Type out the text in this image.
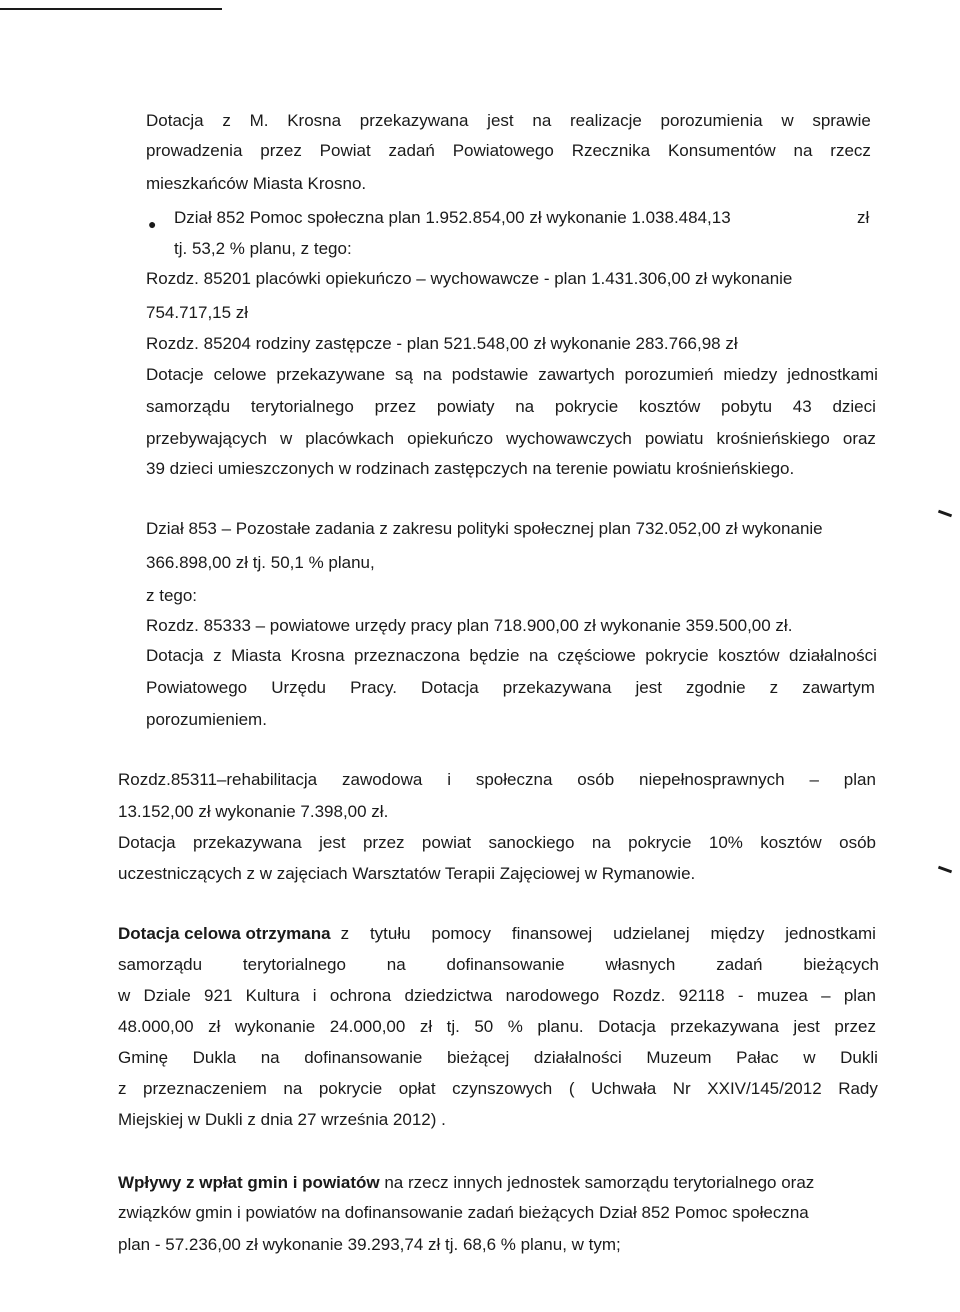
Dotacja z M. Krosna przekazywana jest na realizacje porozumienia w sprawie
prowadzenia przez Powiat zadań Powiatowego Rzecznika Konsumentów na rzecz
mieszkańców Miasta Krosno.
● Dział 852 Pomoc społeczna plan 1.952.854,00 zł wykonanie 1.038.484,13	zł
tj. 53,2 % planu, z tego:
Rozdz. 85201 placówki opiekuńczo – wychowawcze - plan 1.431.306,00 zł wykonanie
754.717,15 zł
Rozdz. 85204 rodziny zastępcze - plan 521.548,00 zł wykonanie 283.766,98 zł
Dotacje celowe przekazywane są na podstawie zawartych porozumień miedzy jednostkami
samorządu terytorialnego przez powiaty na pokrycie kosztów pobytu 43 dzieci
przebywających w placówkach opiekuńczo wychowawczych powiatu krośnieńskiego oraz
39 dzieci umieszczonych w rodzinach zastępczych na terenie powiatu krośnieńskiego.
Dział 853 – Pozostałe zadania z zakresu polityki społecznej plan 732.052,00 zł wykonanie
366.898,00 zł tj. 50,1 % planu,
z tego:
Rozdz. 85333 – powiatowe urzędy pracy plan 718.900,00 zł wykonanie 359.500,00 zł.
Dotacja z Miasta Krosna przeznaczona będzie na częściowe pokrycie kosztów działalności
Powiatowego Urzędu Pracy. Dotacja przekazywana jest zgodnie z zawartym
porozumieniem.
Rozdz.85311–rehabilitacja zawodowa i społeczna osób niepełnosprawnych – plan
13.152,00 zł wykonanie 7.398,00 zł.
Dotacja przekazywana jest przez powiat sanockiego na pokrycie 10% kosztów osób
uczestniczących z w zajęciach Warsztatów Terapii Zajęciowej w Rymanowie.
Dotacja celowa otrzymana z tytułu pomocy finansowej udzielanej między jednostkami
samorządu terytorialnego na dofinansowanie własnych zadań bieżących
w Dziale 921 Kultura i ochrona dziedzictwa narodowego Rozdz. 92118 - muzea – plan
48.000,00 zł wykonanie 24.000,00 zł tj. 50 % planu. Dotacja przekazywana jest przez
Gminę Dukla na dofinansowanie bieżącej działalności Muzeum Pałac w Dukli
z przeznaczeniem na pokrycie opłat czynszowych ( Uchwała Nr XXIV/145/2012 Rady
Miejskiej w Dukli z dnia 27 września 2012) .
Wpływy z wpłat gmin i powiatów na rzecz innych jednostek samorządu terytorialnego oraz
związków gmin i powiatów na dofinansowanie zadań bieżących Dział 852 Pomoc społeczna
plan - 57.236,00 zł wykonanie 39.293,74 zł tj. 68,6 % planu, w tym;
